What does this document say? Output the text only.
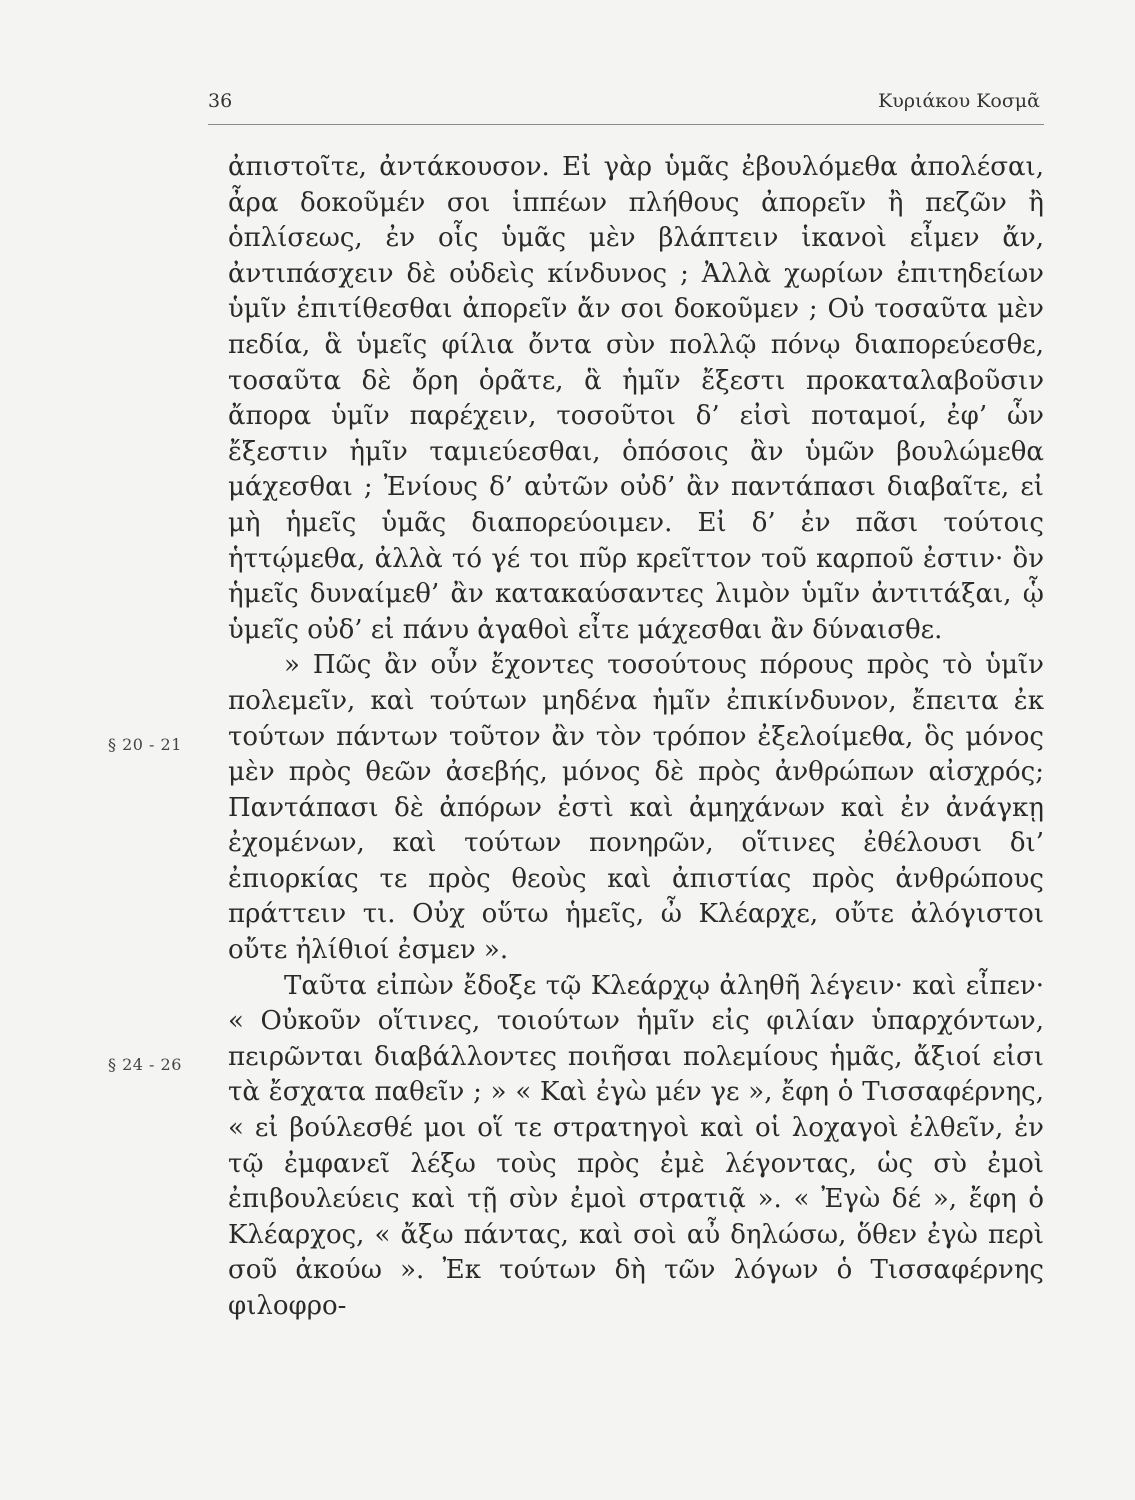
36	Κυριάκου Κοσμᾶ
§ 20 - 21
§ 24 - 26

ἀπιστοῖτε, ἀντάκουσον. Εἰ γὰρ ὑμᾶς ἐβουλόμεθα ἀπολέσαι, ἆρα δοκοῦμέν σοι ἱππέων πλήθους ἀπορεῖν ἢ πεζῶν ἢ ὁπλίσεως, ἐν οἷς ὑμᾶς μὲν βλάπτειν ἱκανοὶ εἶμεν ἄν, ἀντιπάσχειν δὲ οὐδεὶς κίνδυνος ; Ἀλλὰ χωρίων ἐπιτηδείων ὑμῖν ἐπιτίθεσθαι ἀπορεῖν ἄν σοι δοκοῦμεν ; Οὐ τοσαῦτα μὲν πεδία, ἃ ὑμεῖς φίλια ὄντα σὺν πολλῷ πόνῳ διαπορεύεσθε, τοσαῦτα δὲ ὄρη ὁρᾶτε, ἃ ἡμῖν ἔξεστι προκαταλαβοῦσιν ἄπορα ὑμῖν παρέχειν, τοσοῦτοι δ’ εἰσὶ ποταμοί, ἐφ’ ὧν ἔξεστιν ἡμῖν ταμιεύεσθαι, ὁπόσοις ἂν ὑμῶν βουλώμεθα μάχεσθαι ; Ἐνίους δ’ αὐτῶν οὐδ’ ἂν παντάπασι διαβαῖτε, εἰ μὴ ἡμεῖς ὑμᾶς διαπορεύοιμεν. Εἰ δ’ ἐν πᾶσι τούτοις ἡττῴμεθα, ἀλλὰ τό γέ τοι πῦρ κρεῖττον τοῦ καρποῦ ἐστιν· ὃν ἡμεῖς δυναίμεθ’ ἂν κατακαύσαντες λιμὸν ὑμῖν ἀντιτάξαι, ᾧ ὑμεῖς οὐδ’ εἰ πάνυ ἀγαθοὶ εἶτε μάχεσθαι ἂν δύναισθε.

» Πῶς ἂν οὖν ἔχοντες τοσούτους πόρους πρὸς τὸ ὑμῖν πολεμεῖν, καὶ τούτων μηδένα ἡμῖν ἐπικίνδυνον, ἔπειτα ἐκ τούτων πάντων τοῦτον ἂν τὸν τρόπον ἐξελοίμεθα, ὃς μόνος μὲν πρὸς θεῶν ἀσεβής, μόνος δὲ πρὸς ἀνθρώπων αἰσχρός; Παντάπασι δὲ ἀπόρων ἐστὶ καὶ ἀμηχάνων καὶ ἐν ἀνάγκῃ ἐχομένων, καὶ τούτων πονηρῶν, οἵτινες ἐθέλουσι δι’ ἐπιορκίας τε πρὸς θεοὺς καὶ ἀπιστίας πρὸς ἀνθρώπους πράττειν τι. Οὐχ οὕτω ἡμεῖς, ὦ Κλέαρχε, οὔτε ἀλόγιστοι οὔτε ἠλίθιοί ἐσμεν ».

Ταῦτα εἰπὼν ἔδοξε τῷ Κλεάρχῳ ἀληθῆ λέγειν· καὶ εἶπεν· « Οὐκοῦν οἵτινες, τοιούτων ἡμῖν εἰς φιλίαν ὑπαρχόντων, πειρῶνται διαβάλλοντες ποιῆσαι πολεμίους ἡμᾶς, ἄξιοί εἰσι τὰ ἔσχατα παθεῖν ; » « Καὶ ἐγὼ μέν γε », ἔφη ὁ Τισσαφέρνης, « εἰ βούλεσθέ μοι οἵ τε στρατηγοὶ καὶ οἱ λοχαγοὶ ἐλθεῖν, ἐν τῷ ἐμφανεῖ λέξω τοὺς πρὸς ἐμὲ λέγοντας, ὡς σὺ ἐμοὶ ἐπιβουλεύεις καὶ τῇ σὺν ἐμοὶ στρατιᾷ ». « Ἐγὼ δέ », ἔφη ὁ Κλέαρχος, « ἄξω πάντας, καὶ σοὶ αὖ δηλώσω, ὅθεν ἐγὼ περὶ σοῦ ἀκούω ». Ἐκ τούτων δὴ τῶν λόγων ὁ Τισσαφέρνης φιλοφρο-
